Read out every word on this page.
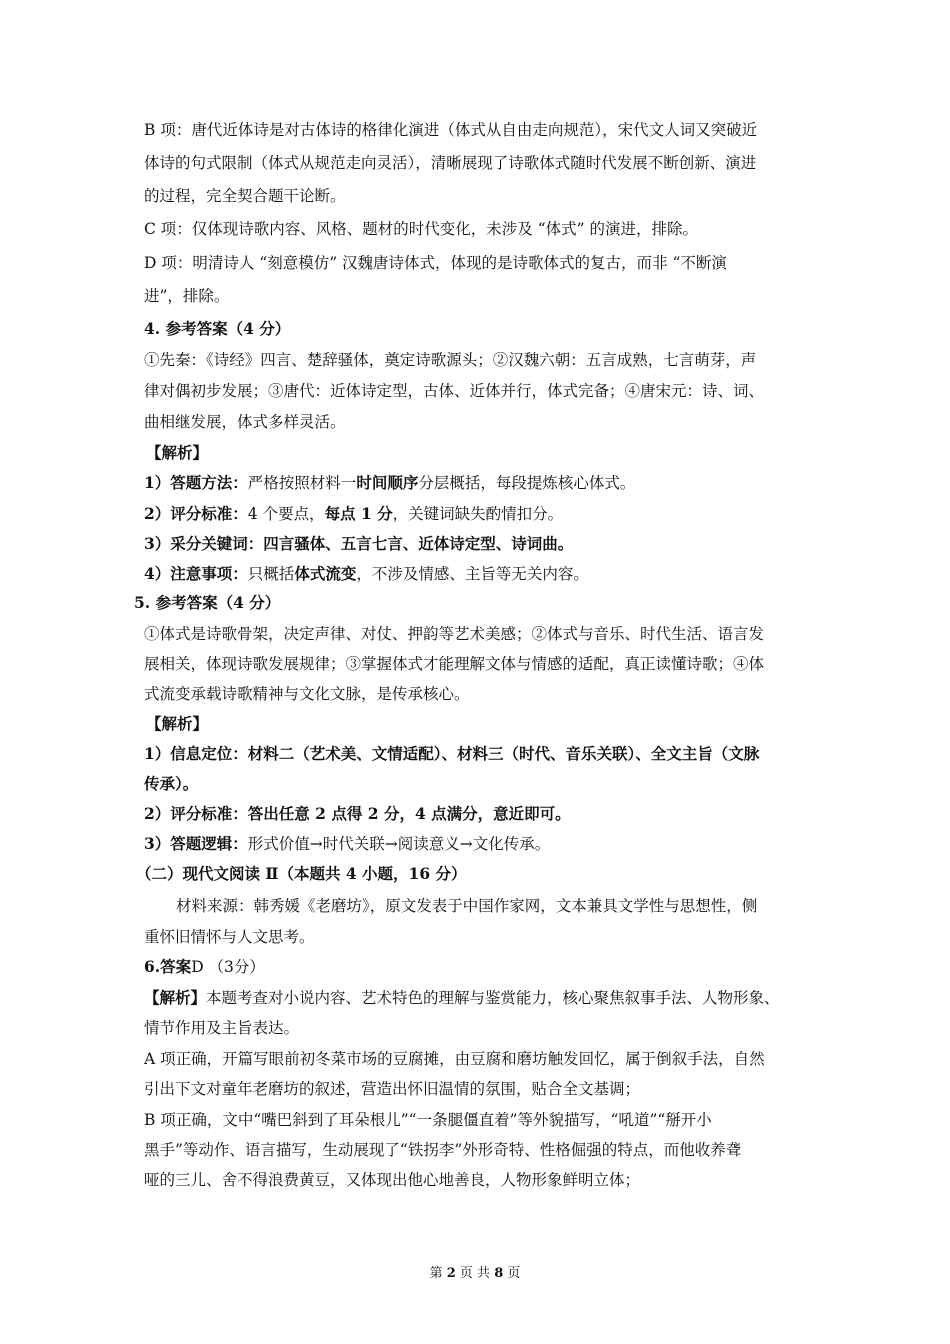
B 项：唐代近体诗是对古体诗的格律化演进（体式从自由走向规范），宋代文人词又突破近
体诗的句式限制（体式从规范走向灵活），清晰展现了诗歌体式随时代发展不断创新、演进
的过程，完全契合题干论断。
C 项：仅体现诗歌内容、风格、题材的时代变化，未涉及 “体式” 的演进，排除。
D 项：明清诗人 “刻意模仿” 汉魏唐诗体式，体现的是诗歌体式的复古，而非 “不断演
进”，排除。
4. 参考答案（4 分）
①先秦：《诗经》四言、楚辞骚体，奠定诗歌源头；②汉魏六朝：五言成熟，七言萌芽，声
律对偶初步发展；③唐代：近体诗定型，古体、近体并行，体式完备；④唐宋元：诗、词、
曲相继发展，体式多样灵活。
【解析】
1）答题方法：严格按照材料一时间顺序分层概括，每段提炼核心体式。
2）评分标准：4 个要点，每点 1 分，关键词缺失酌情扣分。
3）采分关键词：四言骚体、五言七言、近体诗定型、诗词曲。
4）注意事项：只概括体式流变，不涉及情感、主旨等无关内容。
5. 参考答案（4 分）
①体式是诗歌骨架，决定声律、对仗、押韵等艺术美感；②体式与音乐、时代生活、语言发
展相关，体现诗歌发展规律；③掌握体式才能理解文体与情感的适配，真正读懂诗歌；④体
式流变承载诗歌精神与文化文脉，是传承核心。
【解析】
1）信息定位：材料二（艺术美、文情适配）、材料三（时代、音乐关联）、全文主旨（文脉
传承）。
2）评分标准：答出任意 2 点得 2 分，4 点满分，意近即可。
3）答题逻辑：形式价值→时代关联→阅读意义→文化传承。
（二）现代文阅读 Ⅱ（本题共 4 小题，16 分）
材料来源：韩秀媛《老磨坊》，原文发表于中国作家网，文本兼具文学性与思想性，侧
重怀旧情怀与人文思考。
6.答案D （3分）
【解析】本题考查对小说内容、艺术特色的理解与鉴赏能力，核心聚焦叙事手法、人物形象、
情节作用及主旨表达。
A 项正确，开篇写眼前初冬菜市场的豆腐摊，由豆腐和磨坊触发回忆，属于倒叙手法，自然
引出下文对童年老磨坊的叙述，营造出怀旧温情的氛围，贴合全文基调；
B 项正确，文中“嘴巴斜到了耳朵根儿”“一条腿僵直着”等外貌描写，“吼道”“掰开小
黑手”等动作、语言描写，生动展现了“铁拐李”外形奇特、性格倔强的特点，而他收养聋
哑的三儿、舍不得浪费黄豆，又体现出他心地善良，人物形象鲜明立体；
第 2 页 共 8 页
